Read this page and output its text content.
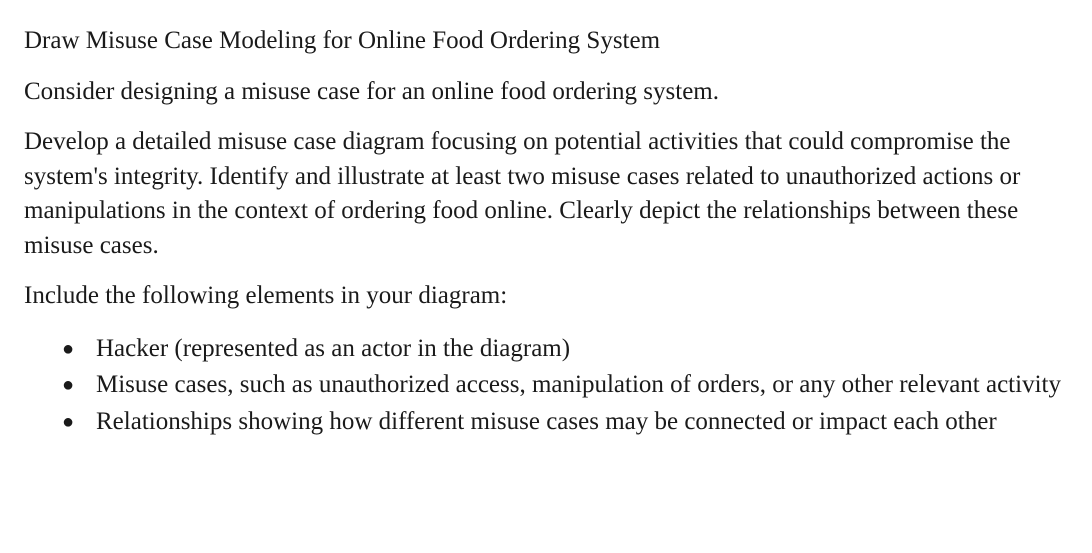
Draw Misuse Case Modeling for Online Food Ordering System

Consider designing a misuse case for an online food ordering system.

Develop a detailed misuse case diagram focusing on potential activities that could compromise the system's integrity. Identify and illustrate at least two misuse cases related to unauthorized actions or manipulations in the context of ordering food online. Clearly depict the relationships between these misuse cases.

Include the following elements in your diagram:

● Hacker (represented as an actor in the diagram)
● Misuse cases, such as unauthorized access, manipulation of orders, or any other relevant activity
● Relationships showing how different misuse cases may be connected or impact each other
